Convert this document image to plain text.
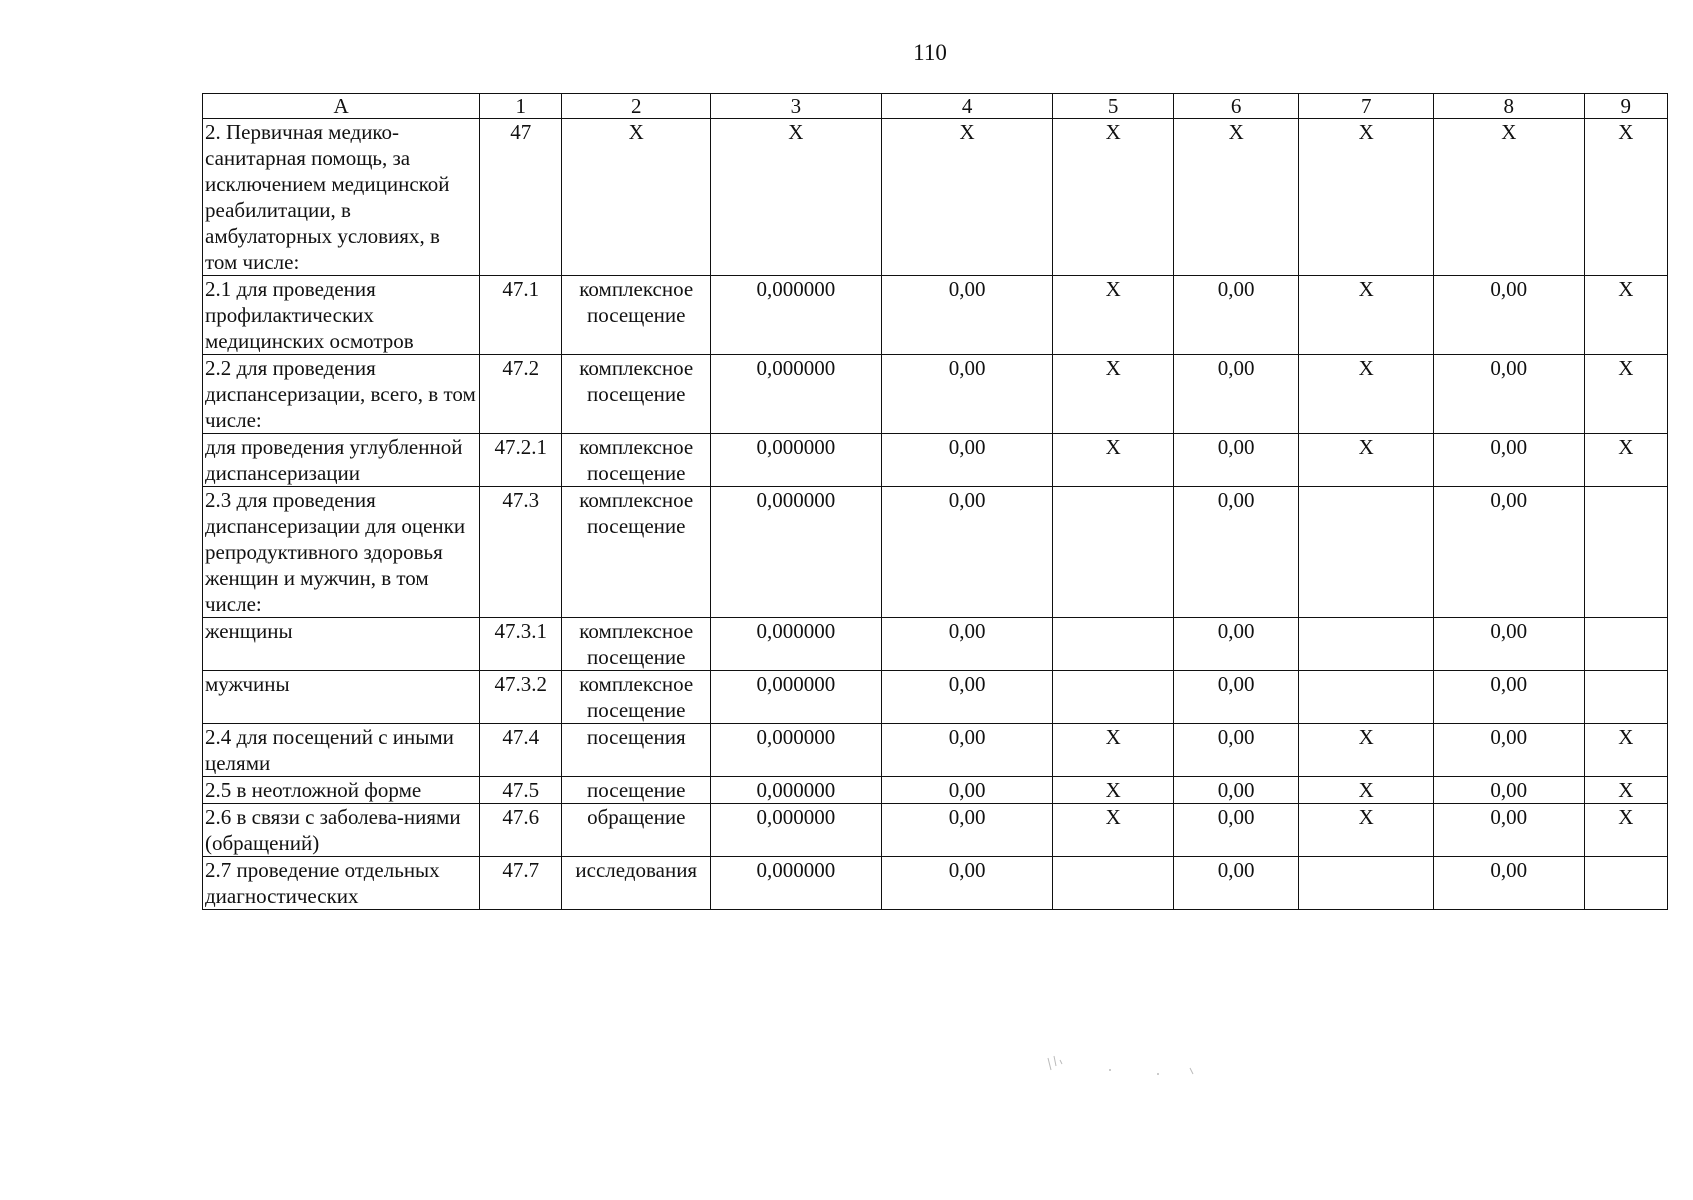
110
А	1	2	3	4	5	6	7	8	9
2. Первичная медико-санитарная помощь, за исключением медицинской реабилитации, в амбулаторных условиях, в том числе:	47	Х	Х	Х	Х	Х	Х	Х	Х
2.1 для проведения профилактических медицинских осмотров	47.1	комплексное посещение	0,000000	0,00	Х	0,00	Х	0,00	Х
2.2 для проведения диспансеризации, всего, в том числе:	47.2	комплексное посещение	0,000000	0,00	Х	0,00	Х	0,00	Х
для проведения углубленной диспансеризации	47.2.1	комплексное посещение	0,000000	0,00	Х	0,00	Х	0,00	Х
2.3 для проведения диспансеризации для оценки репродуктивного здоровья женщин и мужчин, в том числе:	47.3	комплексное посещение	0,000000	0,00		0,00		0,00	
женщины	47.3.1	комплексное посещение	0,000000	0,00		0,00		0,00	
мужчины	47.3.2	комплексное посещение	0,000000	0,00		0,00		0,00	
2.4 для посещений с иными целями	47.4	посещения	0,000000	0,00	Х	0,00	Х	0,00	Х
2.5 в неотложной форме	47.5	посещение	0,000000	0,00	Х	0,00	Х	0,00	Х
2.6 в связи с заболева-ниями (обращений)	47.6	обращение	0,000000	0,00	Х	0,00	Х	0,00	Х
2.7 проведение отдельных диагностических	47.7	исследования	0,000000	0,00		0,00		0,00	
